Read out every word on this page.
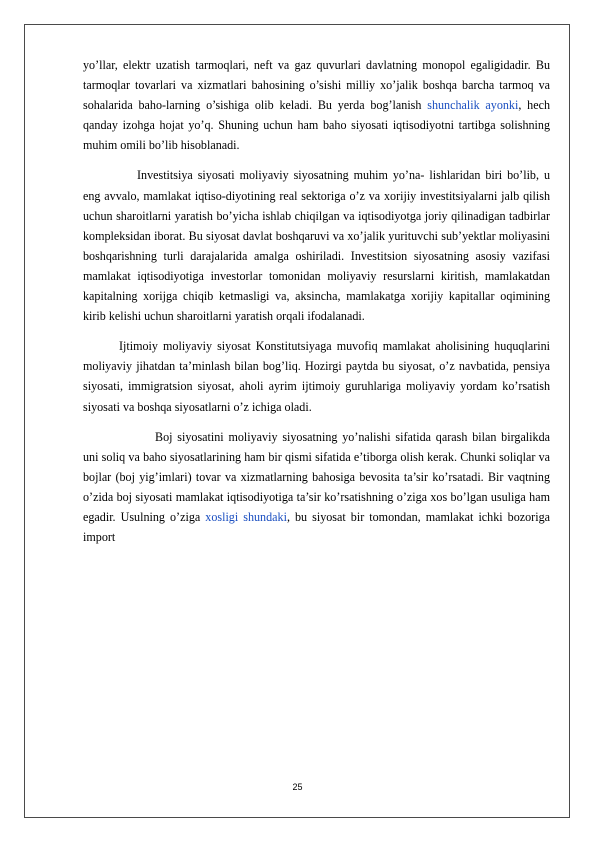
yo’llar, elektr uzatish tarmoqlari, neft va gaz quvurlari davlatning monopol egaligidadir. Bu tarmoqlar tovarlari va xizmatlari bahosining o’sishi milliy xo’jalik boshqa barcha tarmoq va sohalarida baho-larning o’sishiga olib keladi. Bu yerda bog’lanish shunchalik ayonki, hech qanday izohga hojat yo’q. Shuning uchun ham baho siyosati iqtisodiyotni tartibga solishning muhim omili bo’lib hisoblanadi.

Investitsiya siyosati moliyaviy siyosatning muhim yo’na- lishlaridan biri bo’lib, u eng avvalo, mamlakat iqtiso-diyotining real sektoriga o’z va xorijiy investitsiyalarni jalb qilish uchun sharoitlarni yaratish bo’yicha ishlab chiqilgan va iqtisodiyotga joriy qilinadigan tadbirlar kompleksidan iborat. Bu siyosat davlat boshqaruvi va xo’jalik yurituvchi sub’yektlar moliyasini boshqarishning turli darajalarida amalga oshiriladi. Investitsion siyosatning asosiy vazifasi mamlakat iqtisodiyotiga investorlar tomonidan moliyaviy resurslarni kiritish, mamlakatdan kapitalning xorijga chiqib ketmasligi va, aksincha, mamlakatga xorijiy kapitallar oqimining kirib kelishi uchun sharoitlarni yaratish orqali ifodalanadi.

Ijtimoiy moliyaviy siyosat Konstitutsiyaga muvofiq mamlakat aholisining huquqlarini moliyaviy jihatdan ta’minlash bilan bog’liq. Hozirgi paytda bu siyosat, o’z navbatida, pensiya siyosati, immigratsion siyosat, aholi ayrim ijtimoiy guruhlariga moliyaviy yordam ko’rsatish siyosati va boshqa siyosatlarni o’z ichiga oladi.

Boj siyosatini moliyaviy siyosatning yo’nalishi sifatida qarash bilan birgalikda uni soliq va baho siyosatlarining ham bir qismi sifatida e’tiborga olish kerak. Chunki soliqlar va bojlar (boj yig’imlari) tovar va xizmatlarning bahosiga bevosita ta’sir ko’rsatadi. Bir vaqtning o’zida boj siyosati mamlakat iqtisodiyotiga ta’sir ko’rsatishning o’ziga xos bo’lgan usuliga ham egadir. Usulning o’ziga xosligi shundaki, bu siyosat bir tomondan, mamlakat ichki bozoriga import

25
